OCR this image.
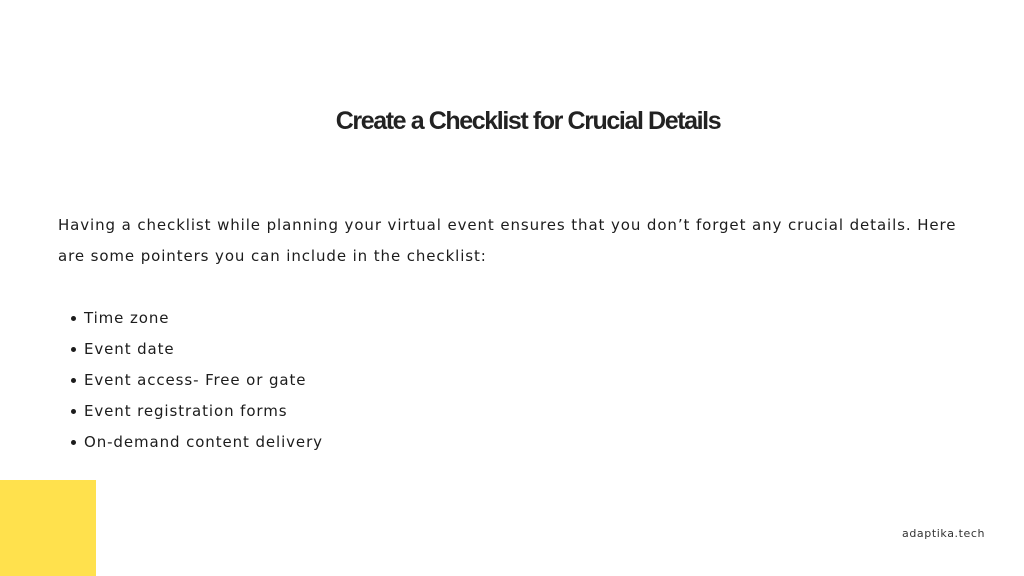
Create a Checklist for Crucial Details

Having a checklist while planning your virtual event ensures that you don’t forget any crucial details. Here are some pointers you can include in the checklist:

Time zone
Event date
Event access- Free or gate
Event registration forms
On-demand content delivery
adaptika.tech
